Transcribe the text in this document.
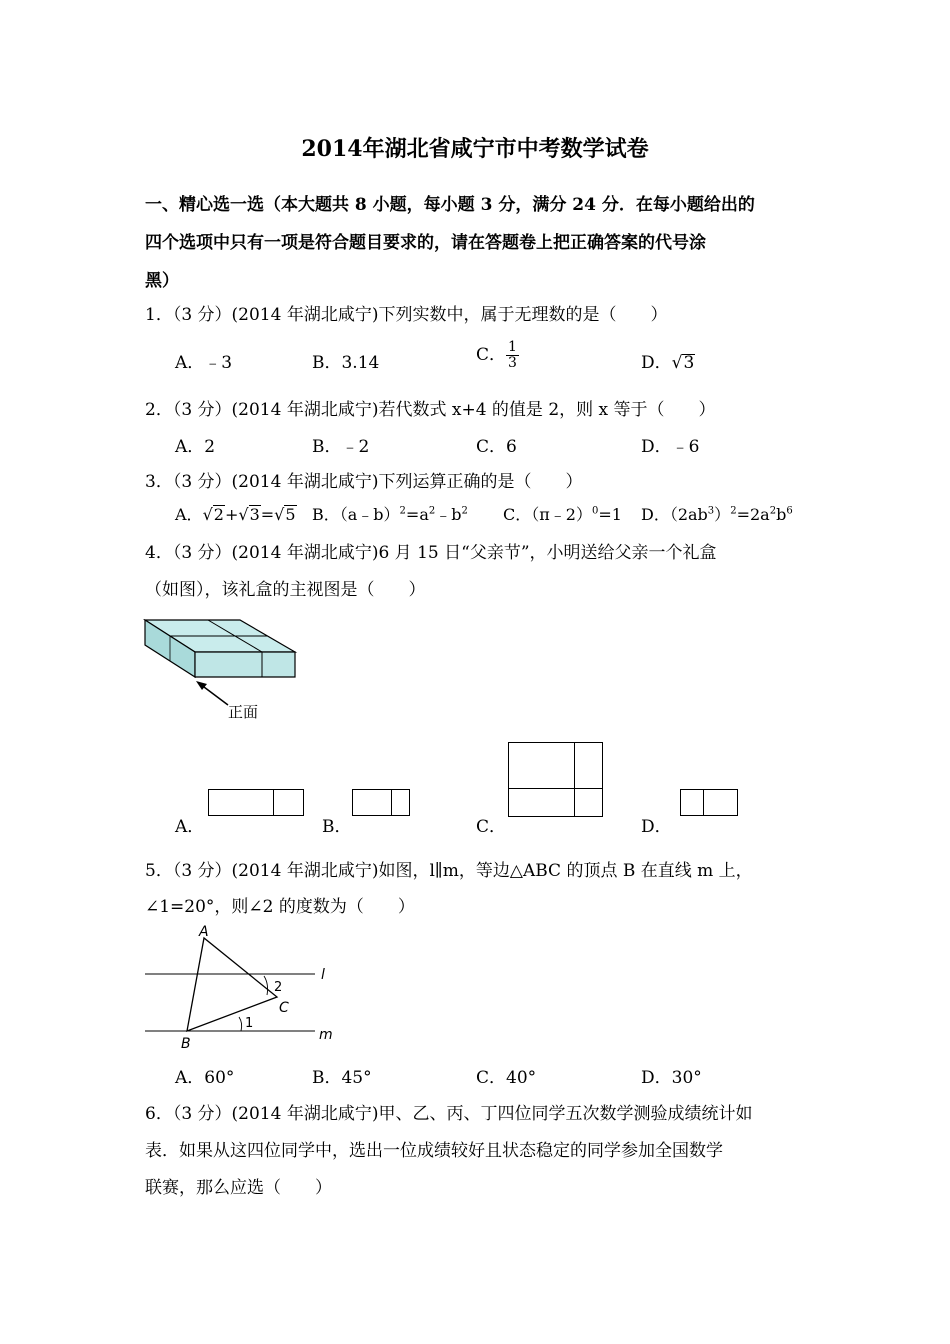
2014年湖北省咸宁市中考数学试卷
一、精心选一选（本大题共 8 小题，每小题 3 分，满分 24 分．在每小题给出的
四个选项中只有一项是符合题目要求的，请在答题卷上把正确答案的代号涂
黑）
1．（3 分）(2014 年湖北咸宁)下列实数中，属于无理数的是（　　）
A．﹣3	B．3.14	C． $\frac{1}{3}$	D．√3
2．（3 分）(2014 年湖北咸宁)若代数式 x+4 的值是 2，则 x 等于（　　）
A．2	B．﹣2	C．6	D．﹣6
3．（3 分）(2014 年湖北咸宁)下列运算正确的是（　　）
A．√2+√3=√5 B．$(a﹣b)^2=a^2﹣b^2$ C．（π﹣2）$^0$=1 D．$(2ab^3)^2=2a^2b^6$
4．（3 分）(2014 年湖北咸宁)6 月 15 日“父亲节”，小明送给父亲一个礼盒
（如图），该礼盒的主视图是（　　）
正面
A．	B．	C．	D．
5．（3 分）(2014 年湖北咸宁)如图，l∥m，等边△ABC 的顶点 B 在直线 m 上，
∠1=20°，则∠2 的度数为（　　）
A
B
C
l
m
2
1
A．60°	B．45°	C．40°	D．30°
6．（3 分）(2014 年湖北咸宁)甲、乙、丙、丁四位同学五次数学测验成绩统计如
表．如果从这四位同学中，选出一位成绩较好且状态稳定的同学参加全国数学
联赛，那么应选（　　）
